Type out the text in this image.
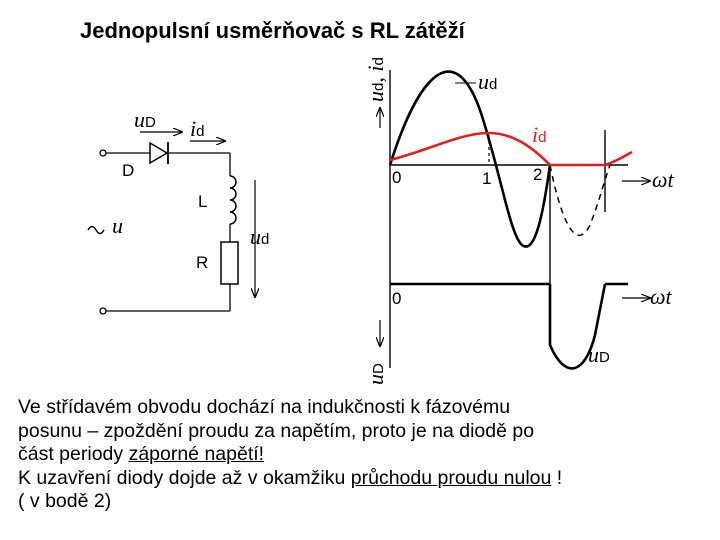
Jednopulsní usměrňovač s RL zátěží
uD id
D
L
R
u	ud
ud, id
ωt
0	1 2
ud
id
ωt
0
uD
uD

Ve střídavém obvodu dochází na indukčnosti k fázovému

posunu – zpoždění proudu za napětím, proto je na diodě po

část periody záporné napětí!

K uzavření diody dojde až v okamžiku průchodu proudu nulou !

( v bodě 2)
